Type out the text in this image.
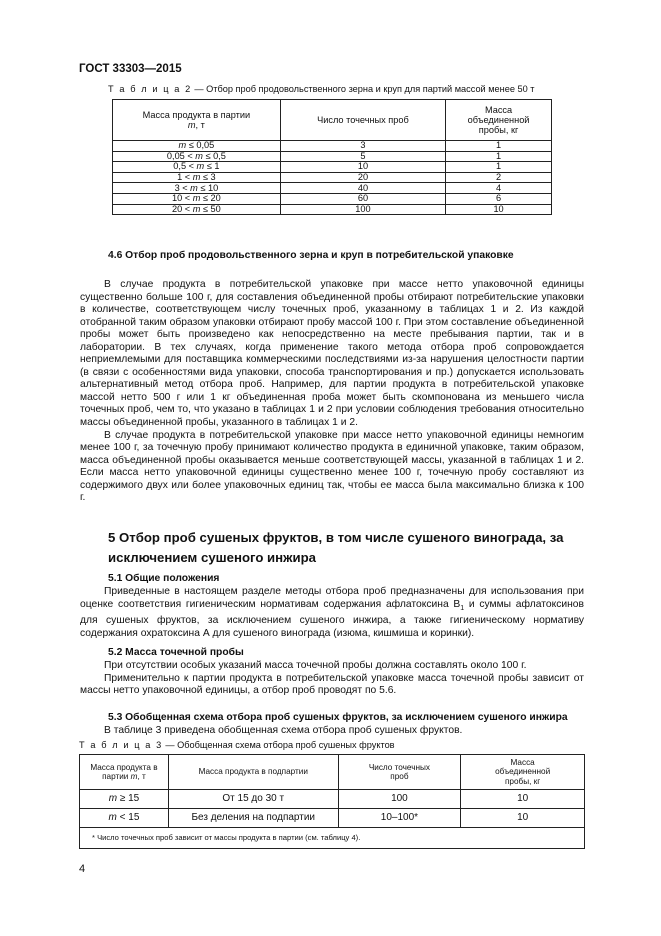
ГОСТ 33303—2015
Т а б л и ц а 2 — Отбор проб продовольственного зерна и круп для партий массой менее 50 т
Масса продукта в партии m, т	Число точечных проб	Масса объединенной пробы, кг

m ≤ 0,05	3	1
0,05 < m ≤ 0,5	5	1
0,5 < m ≤ 1	10	1
1 < m ≤ 3	20	2
3 < m ≤ 10	40	4
10 < m ≤ 20	60	6
20 < m ≤ 50	100	10
4.6 Отбор проб продовольственного зерна и круп в потребительской упаковке

В случае продукта в потребительской упаковке при массе нетто упаковочной единицы существенно больше 100 г, для составления объединенной пробы отбирают потребительские упаковки в количестве, соответствующем числу точечных проб, указанному в таблицах 1 и 2. Из каждой отобранной таким образом упаковки отбирают пробу массой 100 г. При этом составление объединенной пробы может быть произведено как непосредственно на месте пребывания партии, так и в лаборатории. В тех случаях, когда применение такого метода отбора проб сопровождается неприемлемыми для поставщика коммерческими последствиями из-за нарушения целостности партии (в связи с особенностями вида упаковки, способа транспортирования и пр.) допускается использовать альтернативный метод отбора проб. Например, для партии продукта в потребительской упаковке массой нетто 500 г или 1 кг объединенная проба может быть скомпонована из меньшего числа точечных проб, чем то, что указано в таблицах 1 и 2 при условии соблюдения требования относительно массы объединенной пробы, указанного в таблицах 1 и 2.

В случае продукта в потребительской упаковке при массе нетто упаковочной единицы немногим менее 100 г, за точечную пробу принимают количество продукта в единичной упаковке, таким образом, масса объединенной пробы оказывается меньше соответствующей массы, указанной в таблицах 1 и 2. Если масса нетто упаковочной единицы существенно менее 100 г, точечную пробу составляют из содержимого двух или более упаковочных единиц так, чтобы ее масса была максимально близка к 100 г.

5 Отбор проб сушеных фруктов, в том числе сушеного винограда, за исключением сушеного инжира
5.1 Общие положения

Приведенные в настоящем разделе методы отбора проб предназначены для использования при оценке соответствия гигиеническим нормативам содержания афлатоксина $B_1$ и суммы афлатоксинов для сушеных фруктов, за исключением сушеного инжира, а также гигиеническому нормативу содержания охратоксина А для сушеного винограда (изюма, кишмиша и коринки).

5.2 Масса точечной пробы

При отсутствии особых указаний масса точечной пробы должна составлять около 100 г.

Применительно к партии продукта в потребительской упаковке масса точечной пробы зависит от массы нетто упаковочной единицы, а отбор проб проводят по 5.6.

5.3 Обобщенная схема отбора проб сушеных фруктов, за исключением сушеного инжира

В таблице 3 приведена обобщенная схема отбора проб сушеных фруктов.

Т а б л и ц а 3 — Обобщенная схема отбора проб сушеных фруктов
Масса продукта в партии m, т	Масса продукта в подпартии	Число точечных проб	Масса объединенной пробы, кг

m ≥ 15	От 15 до 30 т	100	10
m < 15	Без деления на подпартии	10–100*	10
* Число точечных проб зависит от массы продукта в партии (см. таблицу 4).			
4
